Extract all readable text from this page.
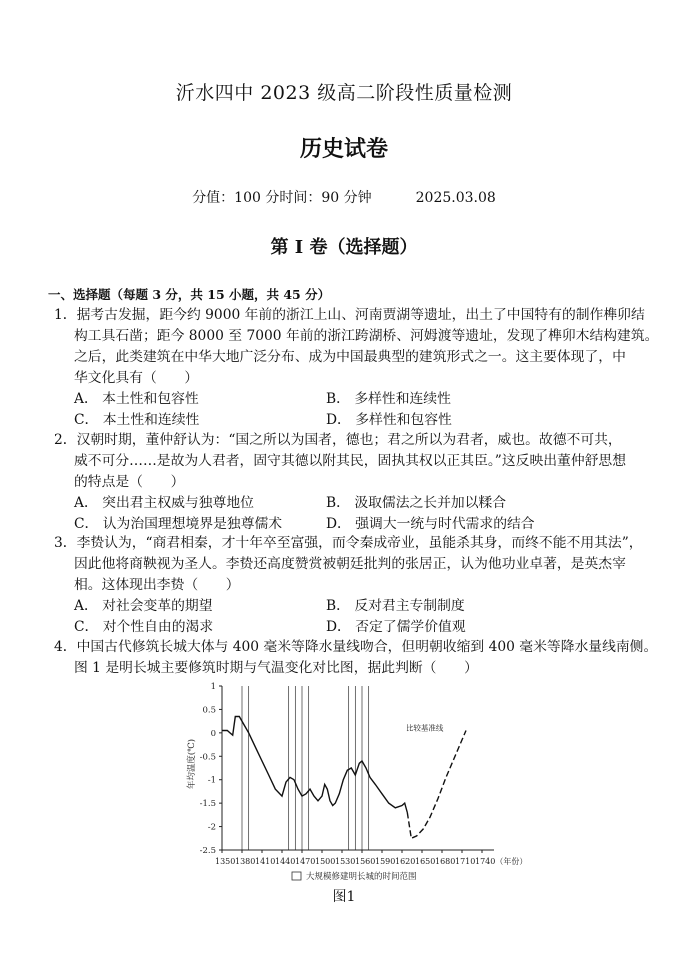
沂水四中 2023 级高二阶段性质量检测
历史试卷
分值：100 分时间：90 分钟	2025.03.08
第 I 卷（选择题）
一、选择题（每题 3 分，共 15 小题，共 45 分）

1．据考古发掘，距今约 9000 年前的浙江上山、河南贾湖等遗址，出土了中国特有的制作榫卯结

构工具石凿；距今 8000 至 7000 年前的浙江跨湖桥、河姆渡等遗址，发现了榫卯木结构建筑。

之后，此类建筑在中华大地广泛分布、成为中国最典型的建筑形式之一。这主要体现了，中

华文化具有（　　）

A． 本土性和包容性	B． 多样性和连续性
C． 本土性和连续性	D． 多样性和包容性

2．汉朝时期，董仲舒认为：“国之所以为国者，德也；君之所以为君者，威也。故德不可共，

威不可分……是故为人君者，固守其德以附其民，固执其权以正其臣。”这反映出董仲舒思想

的特点是（　　）

A． 突出君主权威与独尊地位	B． 汲取儒法之长并加以糅合
C． 认为治国理想境界是独尊儒术	D． 强调大一统与时代需求的结合

3．李贽认为，“商君相秦，才十年卒至富强，而令秦成帝业，虽能杀其身，而终不能不用其法”，

因此他将商鞅视为圣人。李贽还高度赞赏被朝廷批判的张居正，认为他功业卓著，是英杰宰

相。这体现出李贽（　　）

A． 对社会变革的期望	B． 反对君主专制制度
C． 对个性自由的渴求	D． 否定了儒学价值观

4．中国古代修筑长城大体与 400 毫米等降水量线吻合，但明朝收缩到 400 毫米等降水量线南侧。

图 1 是明长城主要修筑时期与气温变化对比图，据此判断（　　）

1
0.5
0
-0.5
-1
-1.5
-2
-2.5
1350 1380 1410 1440 1470 1500 1530 1560 1590 1620 1650 1680 1710 1740（年份）
年均温度(℃)
比较基准线
大规模修建明长城的时间范围
图1
